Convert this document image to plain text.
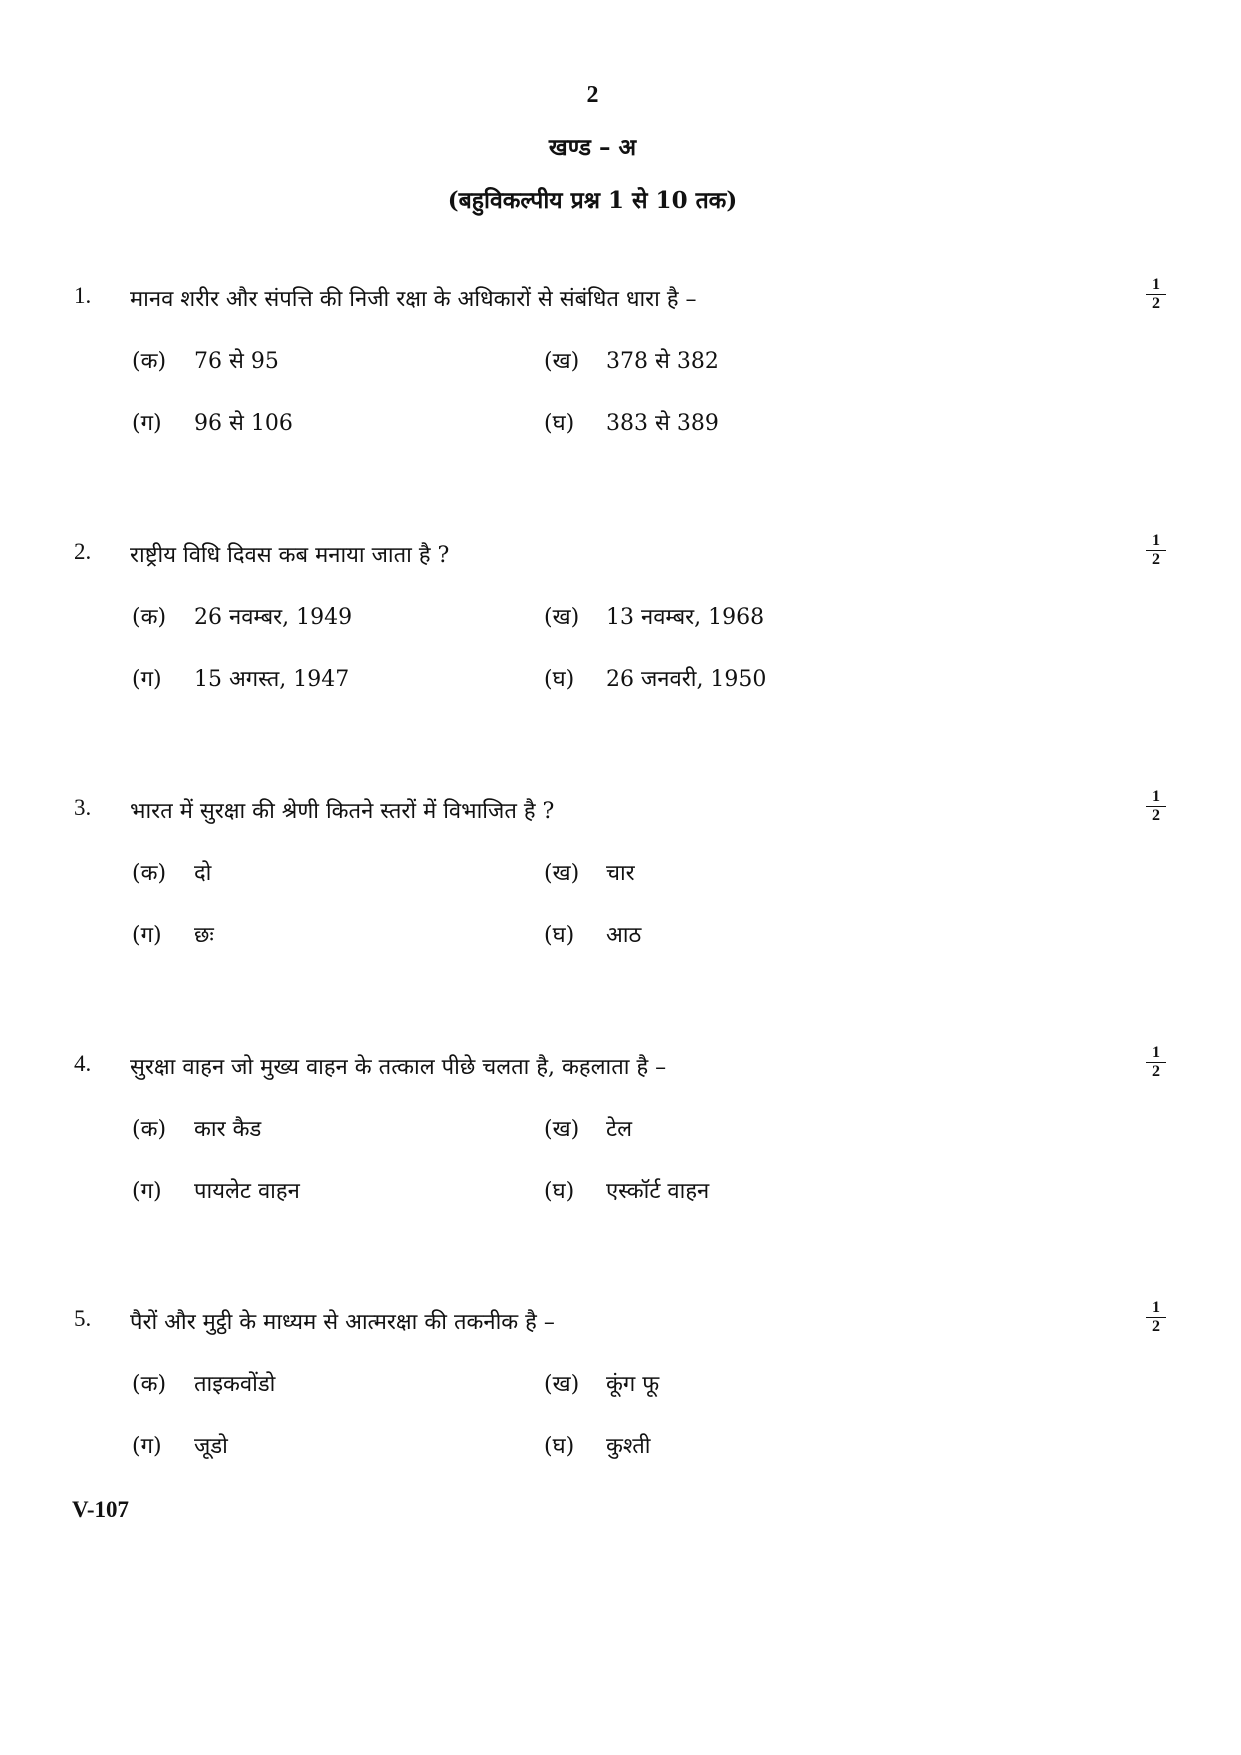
2
खण्ड – अ
(बहुविकल्पीय प्रश्न 1 से 10 तक)
1. मानव शरीर और संपत्ति की निजी रक्षा के अधिकारों से संबंधित धारा है –	$\frac{1}{2}$
(क) 76 से 95	(ख) 378 से 382
(ग) 96 से 106	(घ) 383 से 389
2. राष्ट्रीय विधि दिवस कब मनाया जाता है ?	$\frac{1}{2}$
(क) 26 नवम्बर, 1949	(ख) 13 नवम्बर, 1968
(ग) 15 अगस्त, 1947	(घ) 26 जनवरी, 1950
3. भारत में सुरक्षा की श्रेणी कितने स्तरों में विभाजित है ?	$\frac{1}{2}$
(क) दो	(ख) चार
(ग) छः	(घ) आठ
4. सुरक्षा वाहन जो मुख्य वाहन के तत्काल पीछे चलता है, कहलाता है –	$\frac{1}{2}$
(क) कार कैड	(ख) टेल
(ग) पायलेट वाहन	(घ) एस्कॉर्ट वाहन
5. पैरों और मुट्ठी के माध्यम से आत्मरक्षा की तकनीक है –	$\frac{1}{2}$
(क) ताइकवोंडो	(ख) कूंग फू
(ग) जूडो	(घ) कुश्ती
V-107
